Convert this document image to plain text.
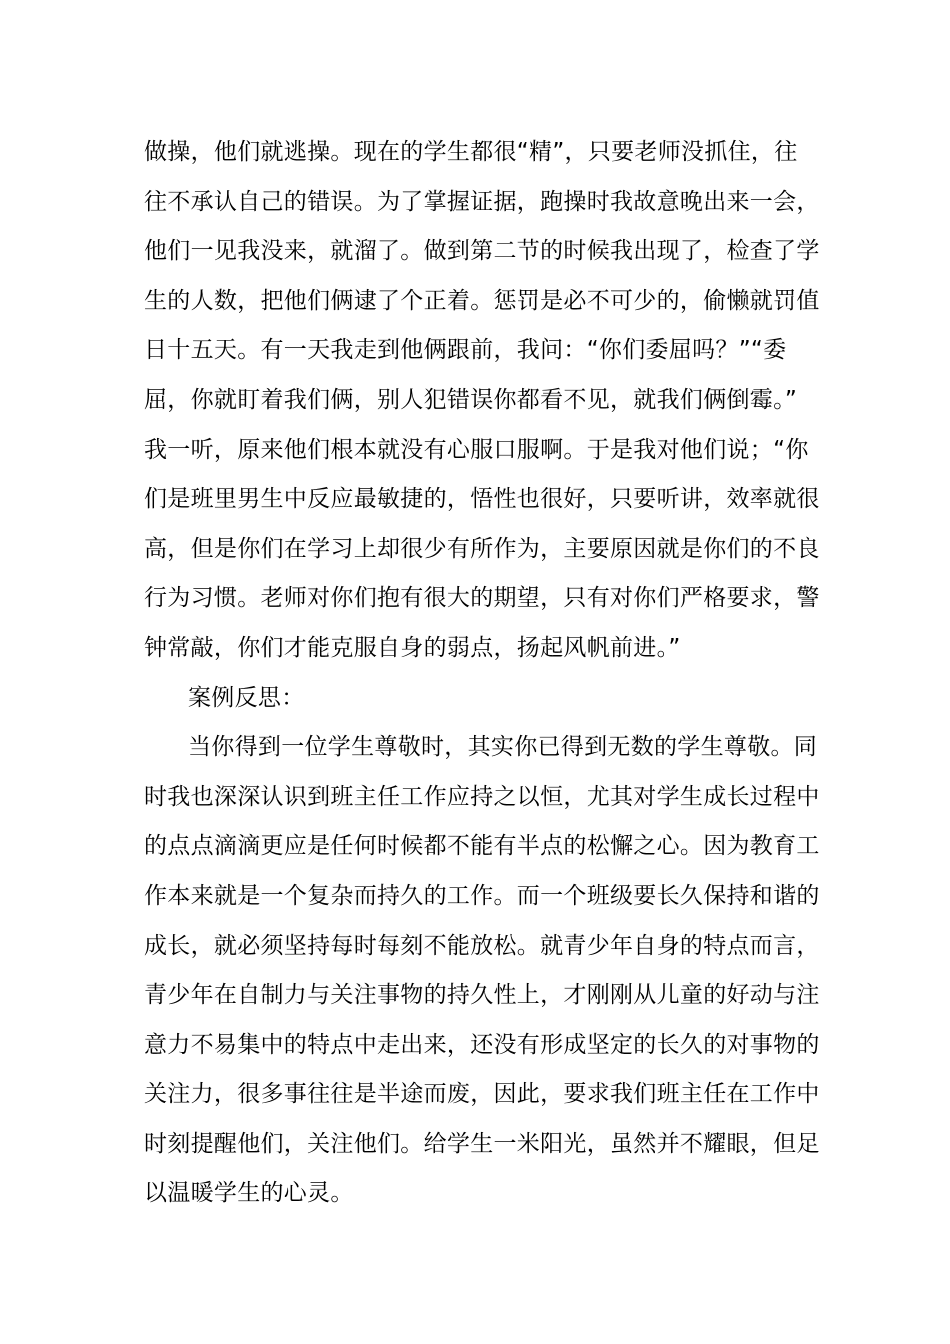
做操，他们就逃操。现在的学生都很“精”，只要老师没抓住，往
往不承认自己的错误。为了掌握证据，跑操时我故意晚出来一会，
他们一见我没来，就溜了。做到第二节的时候我出现了，检查了学
生的人数，把他们俩逮了个正着。惩罚是必不可少的，偷懒就罚值
日十五天。有一天我走到他俩跟前，我问：“你们委屈吗？”“委
屈，你就盯着我们俩，别人犯错误你都看不见，就我们俩倒霉。”
我一听，原来他们根本就没有心服口服啊。于是我对他们说；“你
们是班里男生中反应最敏捷的，悟性也很好，只要听讲，效率就很
高，但是你们在学习上却很少有所作为，主要原因就是你们的不良
行为习惯。老师对你们抱有很大的期望，只有对你们严格要求，警
钟常敲，你们才能克服自身的弱点，扬起风帆前进。”
案例反思：
当你得到一位学生尊敬时，其实你已得到无数的学生尊敬。同
时我也深深认识到班主任工作应持之以恒，尤其对学生成长过程中
的点点滴滴更应是任何时候都不能有半点的松懈之心。因为教育工
作本来就是一个复杂而持久的工作。而一个班级要长久保持和谐的
成长，就必须坚持每时每刻不能放松。就青少年自身的特点而言，
青少年在自制力与关注事物的持久性上，才刚刚从儿童的好动与注
意力不易集中的特点中走出来，还没有形成坚定的长久的对事物的
关注力，很多事往往是半途而废，因此，要求我们班主任在工作中
时刻提醒他们，关注他们。给学生一米阳光，虽然并不耀眼，但足
以温暖学生的心灵。
